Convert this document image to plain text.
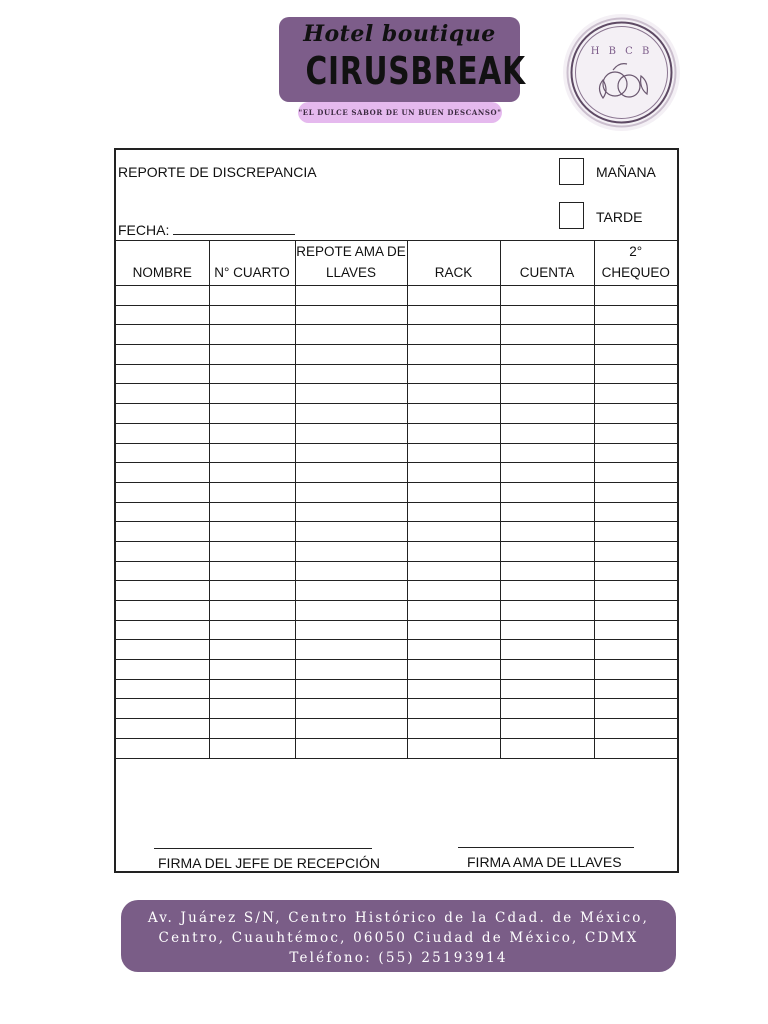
Hotel boutique
CIRUSBREAK
"EL DULCE SABOR DE UN BUEN DESCANSO"
H B C B
REPORTE DE DISCREPANCIA
FECHA:
MAÑANA
TARDE
NOMBRE	N° CUARTO	REPOTE AMA DE LLAVES	RACK	CUENTA	2° CHEQUEO

FIRMA DEL JEFE DE RECEPCIÓN	FIRMA AMA DE LLAVES
Av. Juárez S/N, Centro Histórico de la Cdad. de México,
Centro, Cuauhtémoc, 06050 Ciudad de México, CDMX
Teléfono: (55) 25193914
